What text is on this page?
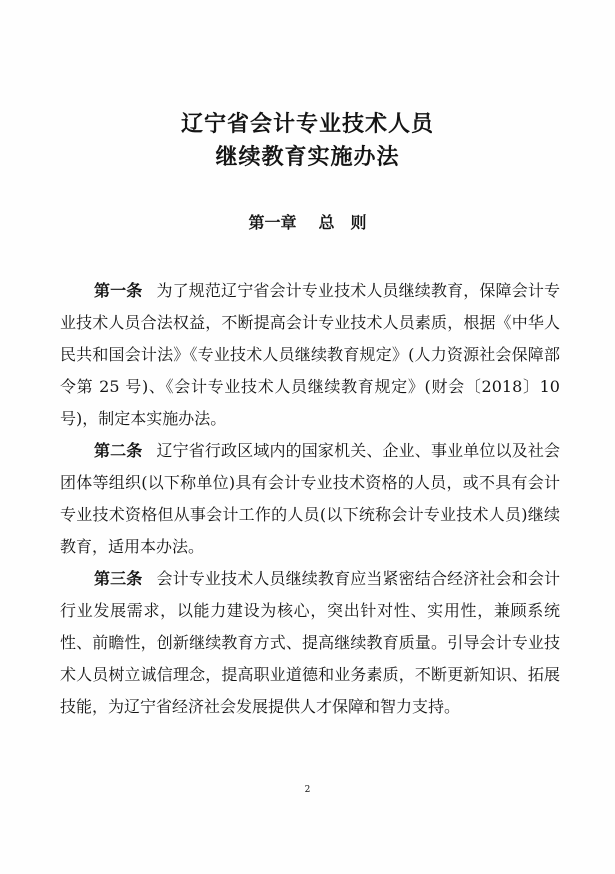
辽宁省会计专业技术人员
继续教育实施办法
第一章 总 则

第一条 为了规范辽宁省会计专业技术人员继续教育，保障会计专业技术人员合法权益，不断提高会计专业技术人员素质，根据《中华人民共和国会计法》《专业技术人员继续教育规定》(人力资源社会保障部令第 25 号)、《会计专业技术人员继续教育规定》(财会〔2018〕10 号)，制定本实施办法。

第二条 辽宁省行政区域内的国家机关、企业、事业单位以及社会团体等组织(以下称单位)具有会计专业技术资格的人员，或不具有会计专业技术资格但从事会计工作的人员(以下统称会计专业技术人员)继续教育，适用本办法。

第三条 会计专业技术人员继续教育应当紧密结合经济社会和会计行业发展需求，以能力建设为核心，突出针对性、实用性，兼顾系统性、前瞻性，创新继续教育方式、提高继续教育质量。引导会计专业技术人员树立诚信理念，提高职业道德和业务素质，不断更新知识、拓展技能，为辽宁省经济社会发展提供人才保障和智力支持。

2
